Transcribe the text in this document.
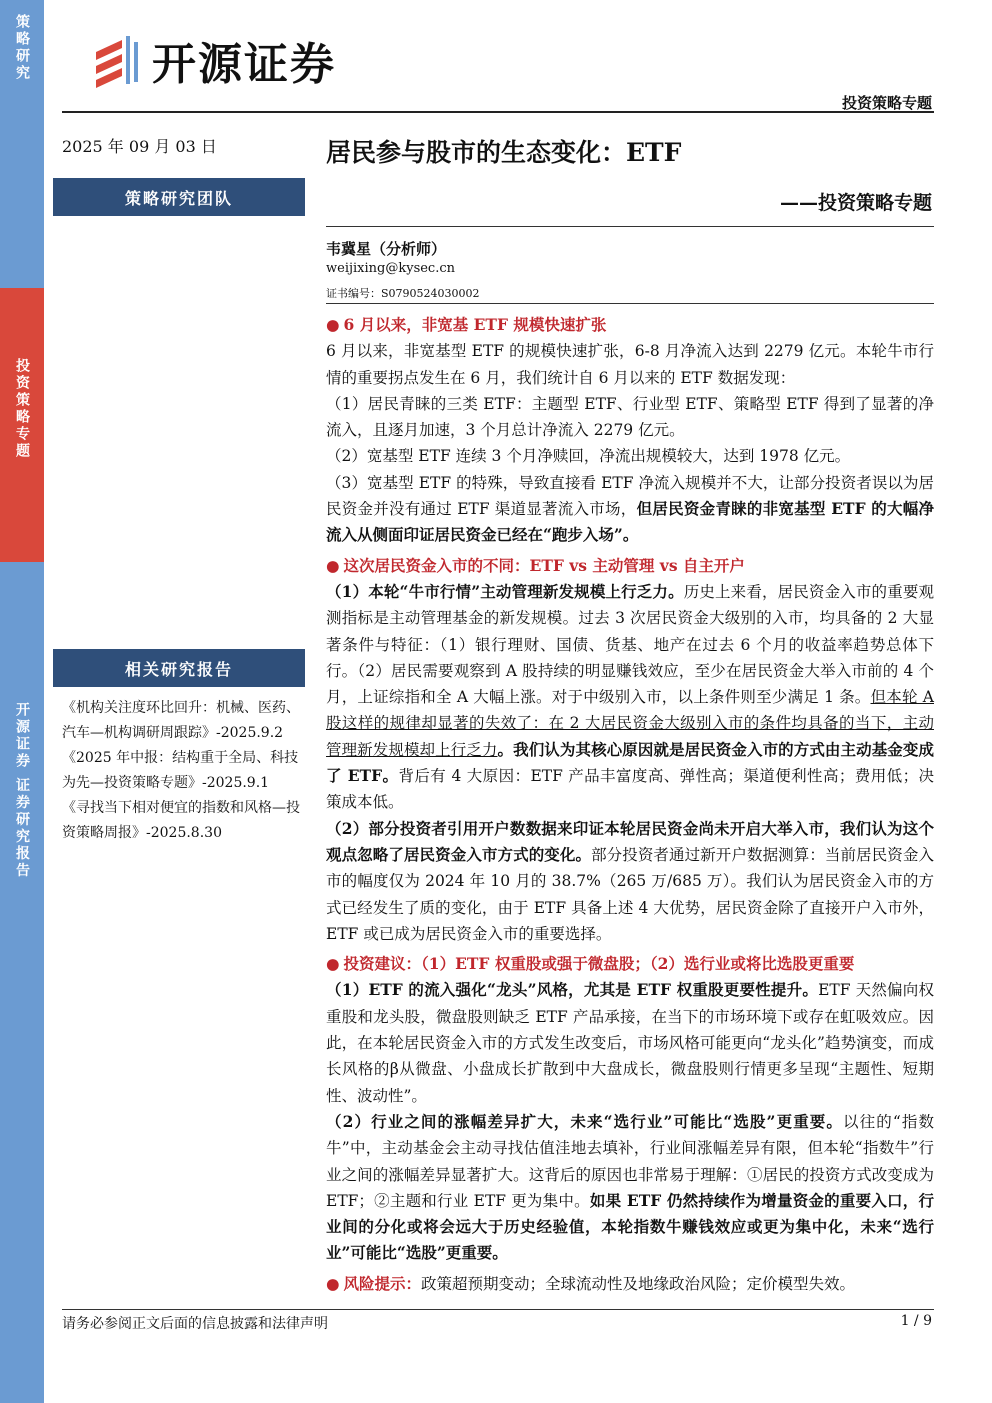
策略研究
投资策略专题
开源证券 证券研究报告
开源证券
投资策略专题
2025 年 09 月 03 日	居民参与股市的生态变化：ETF
——投资策略专题
策略研究团队
韦冀星（分析师）
weijixing@kysec.cn
证书编号：S0790524030002
相关研究报告
《机构关注度环比回升：机械、医药、汽车—机构调研周跟踪》-2025.9.2
《2025 年中报：结构重于全局、科技为先—投资策略专题》-2025.9.1
《寻找当下相对便宜的指数和风格—投资策略周报》-2025.8.30

● 6 月以来，非宽基 ETF 规模快速扩张

6 月以来，非宽基型 ETF 的规模快速扩张，6-8 月净流入达到 2279 亿元。本轮牛市行情的重要拐点发生在 6 月，我们统计自 6 月以来的 ETF 数据发现：

（1）居民青睐的三类 ETF：主题型 ETF、行业型 ETF、策略型 ETF 得到了显著的净流入，且逐月加速，3 个月总计净流入 2279 亿元。

（2）宽基型 ETF 连续 3 个月净赎回，净流出规模较大，达到 1978 亿元。

（3）宽基型 ETF 的特殊，导致直接看 ETF 净流入规模并不大，让部分投资者误以为居民资金并没有通过 ETF 渠道显著流入市场，但居民资金青睐的非宽基型 ETF 的大幅净流入从侧面印证居民资金已经在“跑步入场”。

● 这次居民资金入市的不同：ETF vs 主动管理 vs 自主开户

（1）本轮“牛市行情”主动管理新发规模上行乏力。历史上来看，居民资金入市的重要观测指标是主动管理基金的新发规模。过去 3 次居民资金大级别的入市，均具备的 2 大显著条件与特征：（1）银行理财、国债、货基、地产在过去 6 个月的收益率趋势总体下行。（2）居民需要观察到 A 股持续的明显赚钱效应，至少在居民资金大举入市前的 4 个月，上证综指和全 A 大幅上涨。对于中级别入市，以上条件则至少满足 1 条。但本轮 A 股这样的规律却显著的失效了：在 2 大居民资金大级别入市的条件均具备的当下，主动管理新发规模却上行乏力。我们认为其核心原因就是居民资金入市的方式由主动基金变成了 ETF。背后有 4 大原因：ETF 产品丰富度高、弹性高；渠道便利性高；费用低；决策成本低。

（2）部分投资者引用开户数数据来印证本轮居民资金尚未开启大举入市，我们认为这个观点忽略了居民资金入市方式的变化。部分投资者通过新开户数据测算：当前居民资金入市的幅度仅为 2024 年 10 月的 38.7%（265 万/685 万）。我们认为居民资金入市的方式已经发生了质的变化，由于 ETF 具备上述 4 大优势，居民资金除了直接开户入市外，ETF 或已成为居民资金入市的重要选择。

● 投资建议：（1）ETF 权重股或强于微盘股；（2）选行业或将比选股更重要

（1）ETF 的流入强化“龙头”风格，尤其是 ETF 权重股更要性提升。ETF 天然偏向权重股和龙头股，微盘股则缺乏 ETF 产品承接，在当下的市场环境下或存在虹吸效应。因此，在本轮居民资金入市的方式发生改变后，市场风格可能更向“龙头化”趋势演变，而成长风格的β从微盘、小盘成长扩散到中大盘成长，微盘股则行情更多呈现“主题性、短期性、波动性”。

（2）行业之间的涨幅差异扩大，未来“选行业”可能比“选股”更重要。以往的“指数牛”中，主动基金会主动寻找估值洼地去填补，行业间涨幅差异有限，但本轮“指数牛”行业之间的涨幅差异显著扩大。这背后的原因也非常易于理解：①居民的投资方式改变成为 ETF；②主题和行业 ETF 更为集中。如果 ETF 仍然持续作为增量资金的重要入口，行业间的分化或将会远大于历史经验值，本轮指数牛赚钱效应或更为集中化，未来“选行业”可能比“选股”更重要。

● 风险提示：政策超预期变动；全球流动性及地缘政治风险；定价模型失效。

请务必参阅正文后面的信息披露和法律声明	1 / 9
